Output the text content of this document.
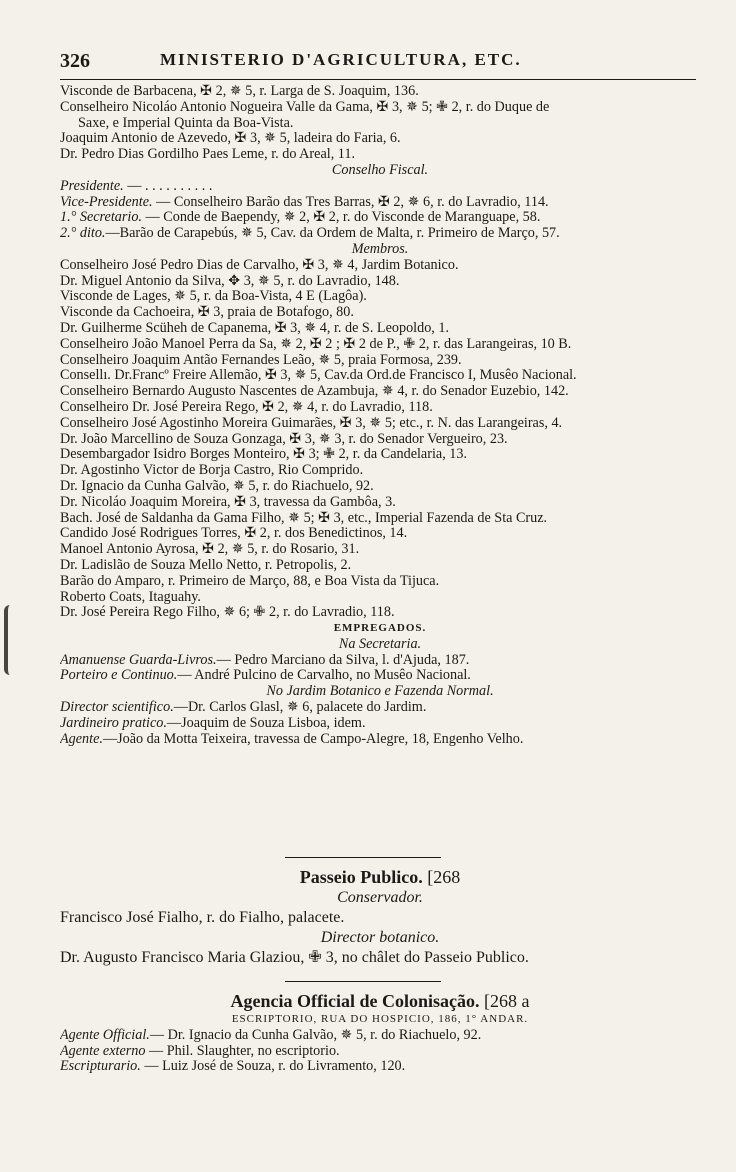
326	MINISTERIO D'AGRICULTURA, ETC.
Visconde de Barbacena, ✠ 2, ✵ 5, r. Larga de S. Joaquim, 136.
Conselheiro Nicoláo Antonio Nogueira Valle da Gama, ✠ 3, ✵ 5; ✙ 2, r. do Duque de
Saxe, e Imperial Quinta da Boa-Vista.
Joaquim Antonio de Azevedo, ✠ 3, ✵ 5, ladeira do Faria, 6.
Dr. Pedro Dias Gordilho Paes Leme, r. do Areal, 11.
Conselho Fiscal.
Presidente. — . . . . . . . . . .
Vice-Presidente. — Conselheiro Barão das Tres Barras, ✠ 2, ✵ 6, r. do Lavradio, 114.
1.° Secretario. — Conde de Baependy, ✵ 2, ✠ 2, r. do Visconde de Maranguape, 58.
2.° dito.—Barão de Carapebús, ✵ 5, Cav. da Ordem de Malta, r. Primeiro de Março, 57.
Membros.
Conselheiro José Pedro Dias de Carvalho, ✠ 3, ✵ 4, Jardim Botanico.
Dr. Miguel Antonio da Silva, ✥ 3, ✵ 5, r. do Lavradio, 148.
Visconde de Lages, ✵ 5, r. da Boa-Vista, 4 E (Lagôa).
Visconde da Cachoeira, ✠ 3, praia de Botafogo, 80.
Dr. Guilherme Scüheh de Capanema, ✠ 3, ✵ 4, r. de S. Leopoldo, 1.
Conselheiro João Manoel Perra da Sa, ✵ 2, ✠ 2 ; ✠ 2 de P., ✙ 2, r. das Larangeiras, 10 B.
Conselheiro Joaquim Antão Fernandes Leão, ✵ 5, praia Formosa, 239.
Consellı. Dr.Francº Freire Allemão, ✠ 3, ✵ 5, Cav.da Ord.de Francisco I, Musêo Nacional.
Conselheiro Bernardo Augusto Nascentes de Azambuja, ✵ 4, r. do Senador Euzebio, 142.
Conselheiro Dr. José Pereira Rego, ✠ 2, ✵ 4, r. do Lavradio, 118.
Conselheiro José Agostinho Moreira Guimarães, ✠ 3, ✵ 5; etc., r. N. das Larangeiras, 4.
Dr. João Marcellino de Souza Gonzaga, ✠ 3, ✵ 3, r. do Senador Vergueiro, 23.
Desembargador Isidro Borges Monteiro, ✠ 3; ✙ 2, r. da Candelaria, 13.
Dr. Agostinho Victor de Borja Castro, Rio Comprido.
Dr. Ignacio da Cunha Galvão, ✵ 5, r. do Riachuelo, 92.
Dr. Nicoláo Joaquim Moreira, ✠ 3, travessa da Gambôa, 3.
Bach. José de Saldanha da Gama Filho, ✵ 5; ✠ 3, etc., Imperial Fazenda de Sta Cruz.
Candido José Rodrigues Torres, ✠ 2, r. dos Benedictinos, 14.
Manoel Antonio Ayrosa, ✠ 2, ✵ 5, r. do Rosario, 31.
Dr. Ladislão de Souza Mello Netto, r. Petropolis, 2.
Barão do Amparo, r. Primeiro de Março, 88, e Boa Vista da Tijuca.
Roberto Coats, Itaguahy.
Dr. José Pereira Rego Filho, ✵ 6; ✙ 2, r. do Lavradio, 118.
EMPREGADOS.
Na Secretaria.
Amanuense Guarda-Livros.— Pedro Marciano da Silva, l. d'Ajuda, 187.
Porteiro e Continuo.— André Pulcino de Carvalho, no Musêo Nacional.
No Jardim Botanico e Fazenda Normal.
Director scientifico.—Dr. Carlos Glasl, ✵ 6, palacete do Jardim.
Jardineiro pratico.—Joaquim de Souza Lisboa, idem.
Agente.—João da Motta Teixeira, travessa de Campo-Alegre, 18, Engenho Velho.
Passeio Publico. [268
Conservador.
Francisco José Fialho, r. do Fialho, palacete.
Director botanico.
Dr. Augusto Francisco Maria Glaziou, ✙ 3, no châlet do Passeio Publico.
Agencia Official de Colonisação. [268 a
ESCRIPTORIO, RUA DO HOSPICIO, 186, 1° ANDAR.
Agente Official.— Dr. Ignacio da Cunha Galvão, ✵ 5, r. do Riachuelo, 92.
Agente externo — Phil. Slaughter, no escriptorio.
Escripturario. — Luiz José de Souza, r. do Livramento, 120.
